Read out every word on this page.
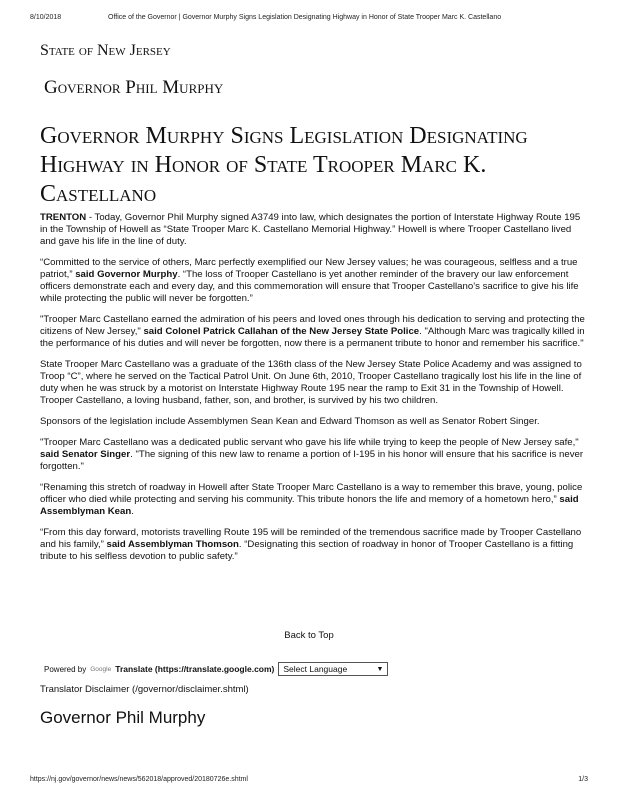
8/10/2018	Office of the Governor | Governor Murphy Signs Legislation Designating Highway in Honor of State Trooper Marc K. Castellano
State of New Jersey
Governor Phil Murphy
Governor Murphy Signs Legislation Designating Highway in Honor of State Trooper Marc K. Castellano

TRENTON - Today, Governor Phil Murphy signed A3749 into law, which designates the portion of Interstate Highway Route 195 in the Township of Howell as “State Trooper Marc K. Castellano Memorial Highway.” Howell is where Trooper Castellano lived and gave his life in the line of duty.

“Committed to the service of others, Marc perfectly exemplified our New Jersey values; he was courageous, selfless and a true patriot,” said Governor Murphy. “The loss of Trooper Castellano is yet another reminder of the bravery our law enforcement officers demonstrate each and every day, and this commemoration will ensure that Trooper Castellano’s sacrifice to give his life while protecting the public will never be forgotten.”

"Trooper Marc Castellano earned the admiration of his peers and loved ones through his dedication to serving and protecting the citizens of New Jersey," said Colonel Patrick Callahan of the New Jersey State Police. "Although Marc was tragically killed in the performance of his duties and will never be forgotten, now there is a permanent tribute to honor and remember his sacrifice."

State Trooper Marc Castellano was a graduate of the 136th class of the New Jersey State Police Academy and was assigned to Troop “C”, where he served on the Tactical Patrol Unit. On June 6th, 2010, Trooper Castellano tragically lost his life in the line of duty when he was struck by a motorist on Interstate Highway Route 195 near the ramp to Exit 31 in the Township of Howell. Trooper Castellano, a loving husband, father, son, and brother, is survived by his two children.

Sponsors of the legislation include Assemblymen Sean Kean and Edward Thomson as well as Senator Robert Singer.

"Trooper Marc Castellano was a dedicated public servant who gave his life while trying to keep the people of New Jersey safe," said Senator Singer. "The signing of this new law to rename a portion of I-195 in his honor will ensure that his sacrifice is never forgotten."

“Renaming this stretch of roadway in Howell after State Trooper Marc Castellano is a way to remember this brave, young, police officer who died while protecting and serving his community. This tribute honors the life and memory of a hometown hero,” said Assemblyman Kean.

“From this day forward, motorists travelling Route 195 will be reminded of the tremendous sacrifice made by Trooper Castellano and his family,” said Assemblyman Thomson. “Designating this section of roadway in honor of Trooper Castellano is a fitting tribute to his selfless devotion to public safety.”

Back to Top
Powered by Google Translate (https://translate.google.com) Select Language	▼
Translator Disclaimer (/governor/disclaimer.shtml)
Governor Phil Murphy
https://nj.gov/governor/news/news/562018/approved/20180726e.shtml	1/3
